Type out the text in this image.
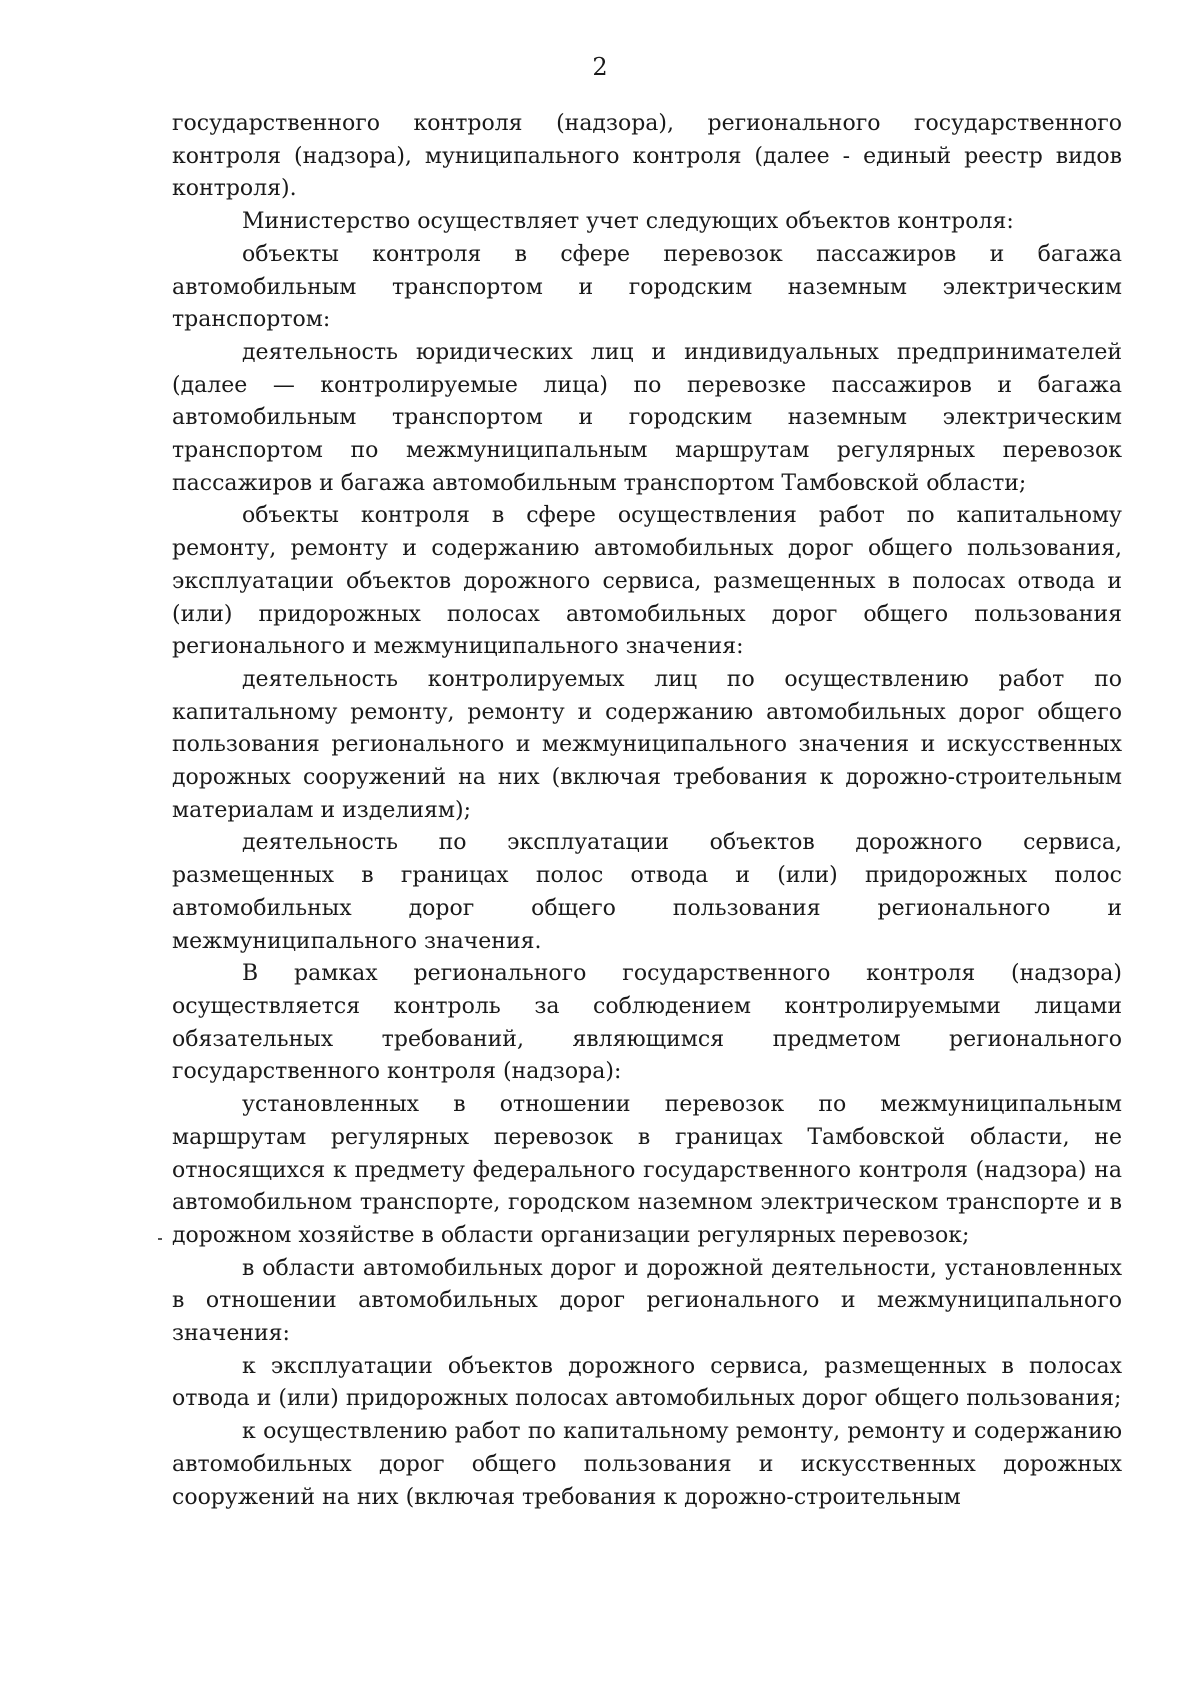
2

государственного контроля (надзора), регионального государственного контроля (надзора), муниципального контроля (далее - единый реестр видов контроля).

Министерство осуществляет учет следующих объектов контроля:

объекты контроля в сфере перевозок пассажиров и багажа автомобильным транспортом и городским наземным электрическим транспортом:

деятельность юридических лиц и индивидуальных предпринимателей (далее — контролируемые лица) по перевозке пассажиров и багажа автомобильным транспортом и городским наземным электрическим транспортом по межмуниципальным маршрутам регулярных перевозок пассажиров и багажа автомобильным транспортом Тамбовской области;

объекты контроля в сфере осуществления работ по капитальному ремонту, ремонту и содержанию автомобильных дорог общего пользования, эксплуатации объектов дорожного сервиса, размещенных в полосах отвода и (или) придорожных полосах автомобильных дорог общего пользования регионального и межмуниципального значения:

деятельность контролируемых лиц по осуществлению работ по капитальному ремонту, ремонту и содержанию автомобильных дорог общего пользования регионального и межмуниципального значения и искусственных дорожных сооружений на них (включая требования к дорожно-строительным материалам и изделиям);

деятельность по эксплуатации объектов дорожного сервиса, размещенных в границах полос отвода и (или) придорожных полос автомобильных дорог общего пользования регионального и межмуниципального значения.

В рамках регионального государственного контроля (надзора) осуществляется контроль за соблюдением контролируемыми лицами обязательных требований, являющимся предметом регионального государственного контроля (надзора):

установленных в отношении перевозок по межмуниципальным маршрутам регулярных перевозок в границах Тамбовской области, не относящихся к предмету федерального государственного контроля (надзора) на автомобильном транспорте, городском наземном электрическом транспорте и в дорожном хозяйстве в области организации регулярных перевозок;

в области автомобильных дорог и дорожной деятельности, установленных в отношении автомобильных дорог регионального и межмуниципального значения:

к эксплуатации объектов дорожного сервиса, размещенных в полосах отвода и (или) придорожных полосах автомобильных дорог общего пользования;

к осуществлению работ по капитальному ремонту, ремонту и содержанию автомобильных дорог общего пользования и искусственных дорожных сооружений на них (включая требования к дорожно-строительным
